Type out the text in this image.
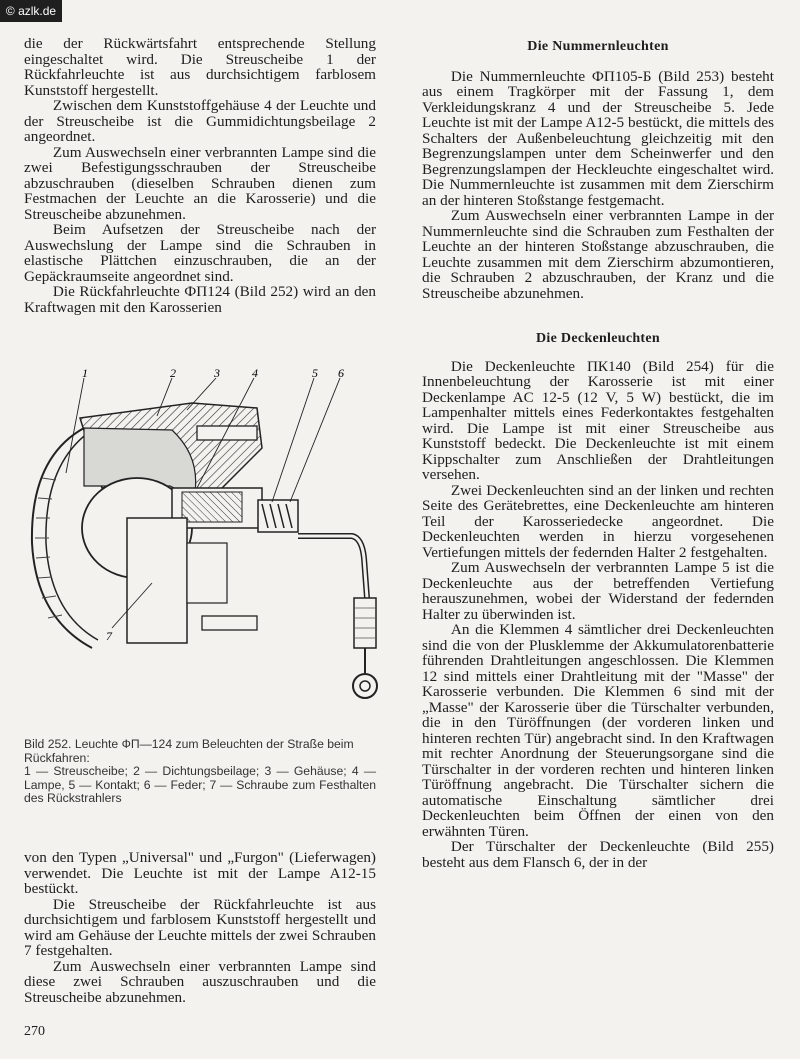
© azlk.de

die der Rückwärtsfahrt entsprechende Stellung eingeschaltet wird. Die Streuscheibe 1 der Rückfahrleuchte ist aus durchsichtigem farblosem Kunststoff hergestellt.

Zwischen dem Kunststoffgehäuse 4 der Leuchte und der Streuscheibe ist die Gummidichtungsbeilage 2 angeordnet.

Zum Auswechseln einer verbrannten Lampe sind die zwei Befestigungsschrauben der Streuscheibe abzuschrauben (dieselben Schrauben dienen zum Festmachen der Leuchte an die Karosserie) und die Streuscheibe abzunehmen.

Beim Aufsetzen der Streuscheibe nach der Auswechslung der Lampe sind die Schrauben in elastische Plättchen einzuschrauben, die an der Gepäckraumseite angeordnet sind.

Die Rückfahrleuchte ФП124 (Bild 252) wird an den Kraftwagen mit den Karosserien

1	2	3	4	5 6
7
Bild 252. Leuchte ФП—124 zum Beleuchten der Straße beim Rückfahren:
1 — Streuscheibe; 2 — Dichtungsbeilage; 3 — Gehäuse; 4 — Lampe, 5 — Kontakt; 6 — Feder; 7 — Schraube zum Festhalten des Rückstrahlers

von den Typen „Universal" und „Furgon" (Lieferwagen) verwendet. Die Leuchte ist mit der Lampe A12-15 bestückt.

Die Streuscheibe der Rückfahrleuchte ist aus durchsichtigem und farblosem Kunststoff hergestellt und wird am Gehäuse der Leuchte mittels der zwei Schrauben 7 festgehalten.

Zum Auswechseln einer verbrannten Lampe sind diese zwei Schrauben auszuschrauben und die Streuscheibe abzunehmen.

Die Nummernleuchten

Die Nummernleuchte ФП105-Б (Bild 253) besteht aus einem Tragkörper mit der Fassung 1, dem Verkleidungskranz 4 und der Streuscheibe 5. Jede Leuchte ist mit der Lampe A12-5 bestückt, die mittels des Schalters der Außenbeleuchtung gleichzeitig mit den Begrenzungslampen unter dem Scheinwerfer und den Begrenzungslampen der Heckleuchte eingeschaltet wird. Die Nummernleuchte ist zusammen mit dem Zierschirm an der hinteren Stoßstange festgemacht.

Zum Auswechseln einer verbrannten Lampe in der Nummernleuchte sind die Schrauben zum Festhalten der Leuchte an der hinteren Stoßstange abzuschrauben, die Leuchte zusammen mit dem Zierschirm abzumontieren, die Schrauben 2 abzuschrauben, der Kranz und die Streuscheibe abzunehmen.

Die Deckenleuchten

Die Deckenleuchte ПК140 (Bild 254) für die Innenbeleuchtung der Karosserie ist mit einer Deckenlampe AC 12-5 (12 V, 5 W) bestückt, die im Lampenhalter mittels eines Federkontaktes festgehalten wird. Die Lampe ist mit einer Streuscheibe aus Kunststoff bedeckt. Die Deckenleuchte ist mit einem Kippschalter zum Anschließen der Drahtleitungen versehen.

Zwei Deckenleuchten sind an der linken und rechten Seite des Gerätebrettes, eine Deckenleuchte am hinteren Teil der Karosseriedecke angeordnet. Die Deckenleuchten werden in hierzu vorgesehenen Vertiefungen mittels der federnden Halter 2 festgehalten.

Zum Auswechseln der verbrannten Lampe 5 ist die Deckenleuchte aus der betreffenden Vertiefung herauszunehmen, wobei der Widerstand der federnden Halter zu überwinden ist.

An die Klemmen 4 sämtlicher drei Deckenleuchten sind die von der Plusklemme der Akkumulatorenbatterie führenden Drahtleitungen angeschlossen. Die Klemmen 12 sind mittels einer Drahtleitung mit der "Masse" der Karosserie verbunden. Die Klemmen 6 sind mit der „Masse" der Karosserie über die Türschalter verbunden, die in den Türöffnungen (der vorderen linken und hinteren rechten Tür) angebracht sind. In den Kraftwagen mit rechter Anordnung der Steuerungsorgane sind die Türschalter in der vorderen rechten und hinteren linken Türöffnung angebracht. Die Türschalter sichern die automatische Einschaltung sämtlicher drei Deckenleuchten beim Öffnen der einen von den erwähnten Türen.

Der Türschalter der Deckenleuchte (Bild 255) besteht aus dem Flansch 6, der in der

270
